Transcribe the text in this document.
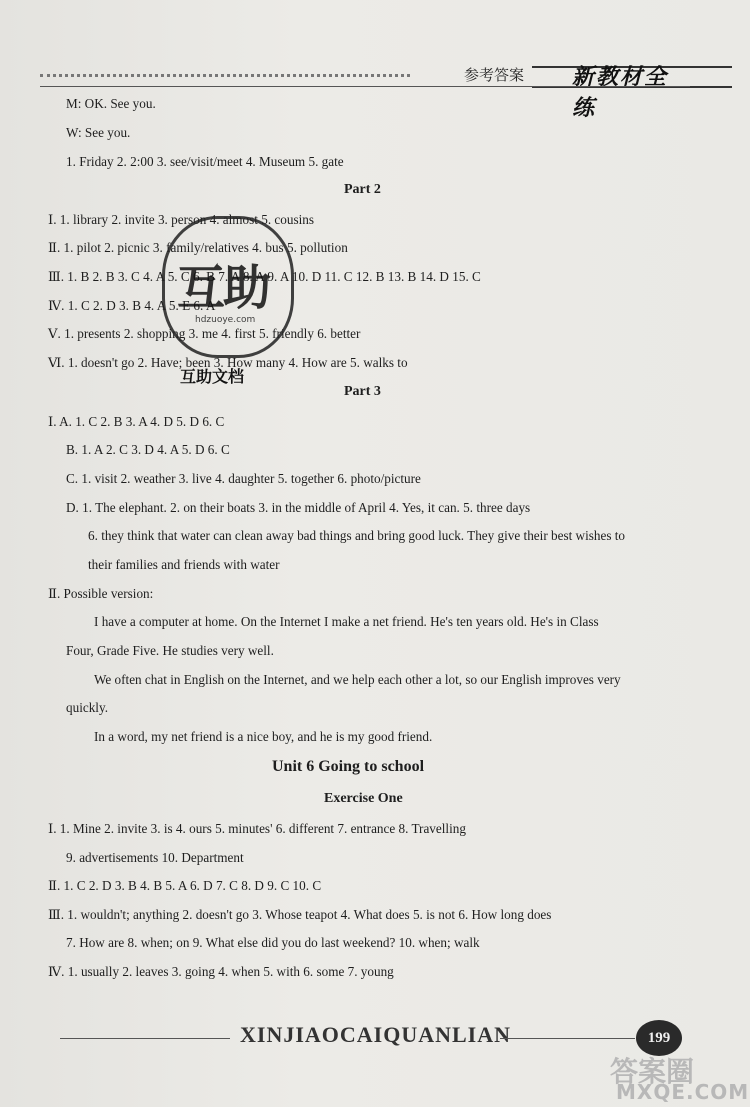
参考答案 新教材全练
M: OK. See you.
W: See you.
1. Friday 2. 2:00 3. see/visit/meet 4. Museum 5. gate
Part 2
Ⅰ. 1. library 2. invite 3. person 4. almost 5. cousins
Ⅱ. 1. pilot 2. picnic 3. family/relatives 4. bus 5. pollution
Ⅲ. 1. B 2. B 3. C 4. A 5. C 6. B 7. A 8. A 9. A 10. D 11. C 12. B 13. B 14. D 15. C
Ⅳ. 1. C 2. D 3. B 4. A 5. E 6. A
Ⅴ. 1. presents 2. shopping 3. me 4. first 5. friendly 6. better
Ⅵ. 1. doesn't go 2. Have; been 3. How many 4. How are 5. walks to
Part 3
Ⅰ. A. 1. C 2. B 3. A 4. D 5. D 6. C
B. 1. A 2. C 3. D 4. A 5. D 6. C
C. 1. visit 2. weather 3. live 4. daughter 5. together 6. photo/picture
D. 1. The elephant. 2. on their boats 3. in the middle of April 4. Yes, it can. 5. three days
6. they think that water can clean away bad things and bring good luck. They give their best wishes to
their families and friends with water
Ⅱ. Possible version:
I have a computer at home. On the Internet I make a net friend. He's ten years old. He's in Class
Four, Grade Five. He studies very well.
We often chat in English on the Internet, and we help each other a lot, so our English improves very
quickly.
In a word, my net friend is a nice boy, and he is my good friend.
Unit 6 Going to school
Exercise One
Ⅰ. 1. Mine 2. invite 3. is 4. ours 5. minutes' 6. different 7. entrance 8. Travelling
9. advertisements 10. Department
Ⅱ. 1. C 2. D 3. B 4. B 5. A 6. D 7. C 8. D 9. C 10. C
Ⅲ. 1. wouldn't; anything 2. doesn't go 3. Whose teapot 4. What does 5. is not 6. How long does
7. How are 8. when; on 9. What else did you do last weekend? 10. when; walk
Ⅳ. 1. usually 2. leaves 3. going 4. when 5. with 6. some 7. young
互助
hdzuoye.com
互助文档
XINJIAOCAIQUANLIAN	199
答案圈
MXQE.COM
